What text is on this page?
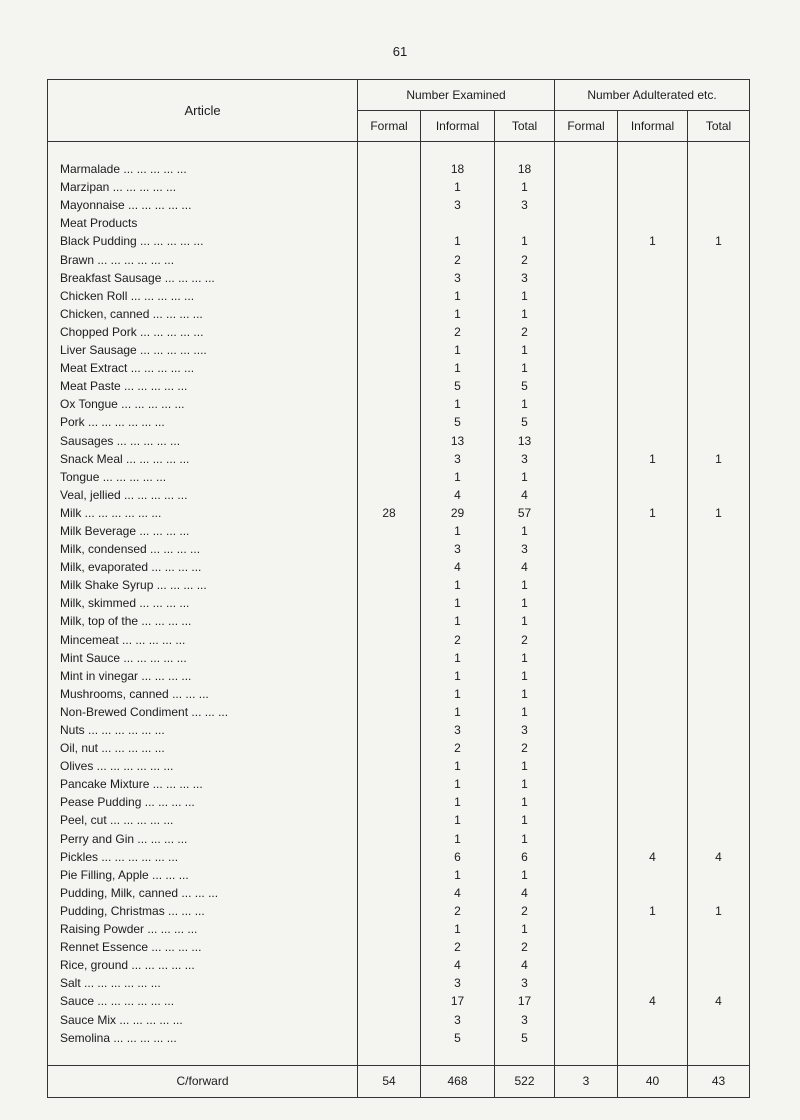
61
Article	Number Examined			Number Adulterated etc.		
	Formal	Informal	Total	Formal	Informal	Total

Marmalade ... ... ... ... ...		18	18			
Marzipan ... ... ... ... ...		1	1			
Mayonnaise ... ... ... ... ...		3	3			
Meat Products						
Black Pudding ... ... ... ... ...		1	1		1	1
Brawn ... ... ... ... ... ...		2	2			
Breakfast Sausage ... ... ... ...		3	3			
Chicken Roll ... ... ... ... ...		1	1			
Chicken, canned ... ... ... ...		1	1			
Chopped Pork ... ... ... ... ...		2	2			
Liver Sausage ... ... ... ... ....		1	1			
Meat Extract ... ... ... ... ...		1	1			
Meat Paste ... ... ... ... ...		5	5			
Ox Tongue ... ... ... ... ...		1	1			
Pork ... ... ... ... ... ...		5	5			
Sausages ... ... ... ... ...		13	13			
Snack Meal ... ... ... ... ...		3	3		1	1
Tongue ... ... ... ... ...		1	1			
Veal, jellied ... ... ... ... ...		4	4			
Milk ... ... ... ... ... ...	28	29	57		1	1
Milk Beverage ... ... ... ...		1	1			
Milk, condensed ... ... ... ...		3	3			
Milk, evaporated ... ... ... ...		4	4			
Milk Shake Syrup ... ... ... ...		1	1			
Milk, skimmed ... ... ... ...		1	1			
Milk, top of the ... ... ... ...		1	1			
Mincemeat ... ... ... ... ...		2	2			
Mint Sauce ... ... ... ... ...		1	1			
Mint in vinegar ... ... ... ...		1	1			
Mushrooms, canned ... ... ...		1	1			
Non-Brewed Condiment ... ... ...		1	1			
Nuts ... ... ... ... ... ...		3	3			
Oil, nut ... ... ... ... ...		2	2			
Olives ... ... ... ... ... ...		1	1			
Pancake Mixture ... ... ... ...		1	1			
Pease Pudding ... ... ... ...		1	1			
Peel, cut ... ... ... ... ...		1	1			
Perry and Gin ... ... ... ...		1	1			
Pickles ... ... ... ... ... ...		6	6		4	4
Pie Filling, Apple ... ... ...		1	1			
Pudding, Milk, canned ... ... ...		4	4			
Pudding, Christmas ... ... ...		2	2		1	1
Raising Powder ... ... ... ...		1	1			
Rennet Essence ... ... ... ...		2	2			
Rice, ground ... ... ... ... ...		4	4			
Salt ... ... ... ... ... ...		3	3			
Sauce ... ... ... ... ... ...		17	17		4	4
Sauce Mix ... ... ... ... ...		3	3			
Semolina ... ... ... ... ...		5	5			

C/forward	54	468	522	3	40	43
